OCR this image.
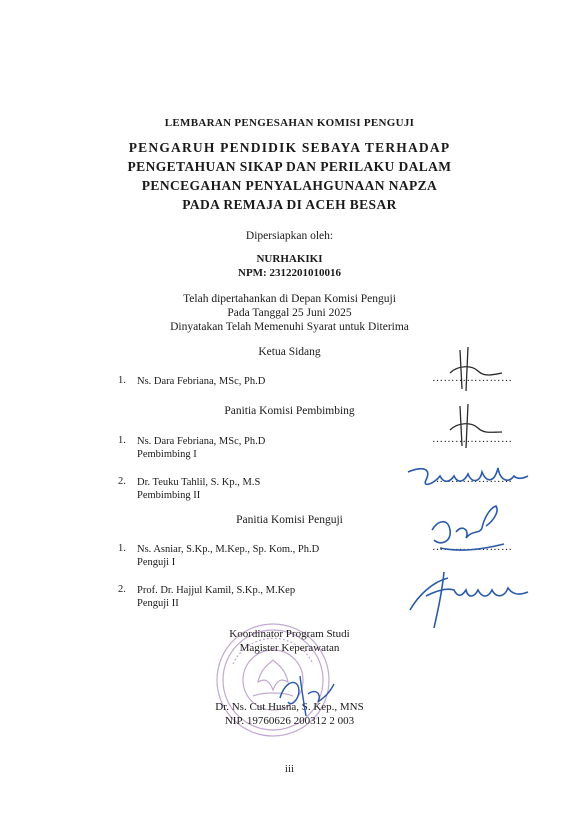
LEMBARAN PENGESAHAN KOMISI PENGUJI
PENGARUH PENDIDIK SEBAYA TERHADAP
PENGETAHUAN SIKAP DAN PERILAKU DALAM
PENCEGAHAN PENYALAHGUNAAN NAPZA
PADA REMAJA DI ACEH BESAR
Dipersiapkan oleh:
NURHAKIKI
NPM: 2312201010016
Telah dipertahankan di Depan Komisi Penguji
Pada Tanggal 25 Juni 2025
Dinyatakan Telah Memenuhi Syarat untuk Diterima
Ketua Sidang
1. Ns. Dara Febriana, MSc, Ph.D	…………………
Panitia Komisi Pembimbing
1. Ns. Dara Febriana, MSc, Ph.D
Pembimbing I
…………………
2. Dr. Teuku Tahlil, S. Kp., M.S
Pembimbing II
…………………
Panitia Komisi Penguji
1. Ns. Asniar, S.Kp., M.Kep., Sp. Kom., Ph.D
Penguji I
…………………
2. Prof. Dr. Hajjul Kamil, S.Kp., M.Kep
Penguji II
Koordinator Program Studi
Magister Keperawatan
Dr. Ns. Cut Husna, S. Kep., MNS
NIP. 19760626 200312 2 003
iii
